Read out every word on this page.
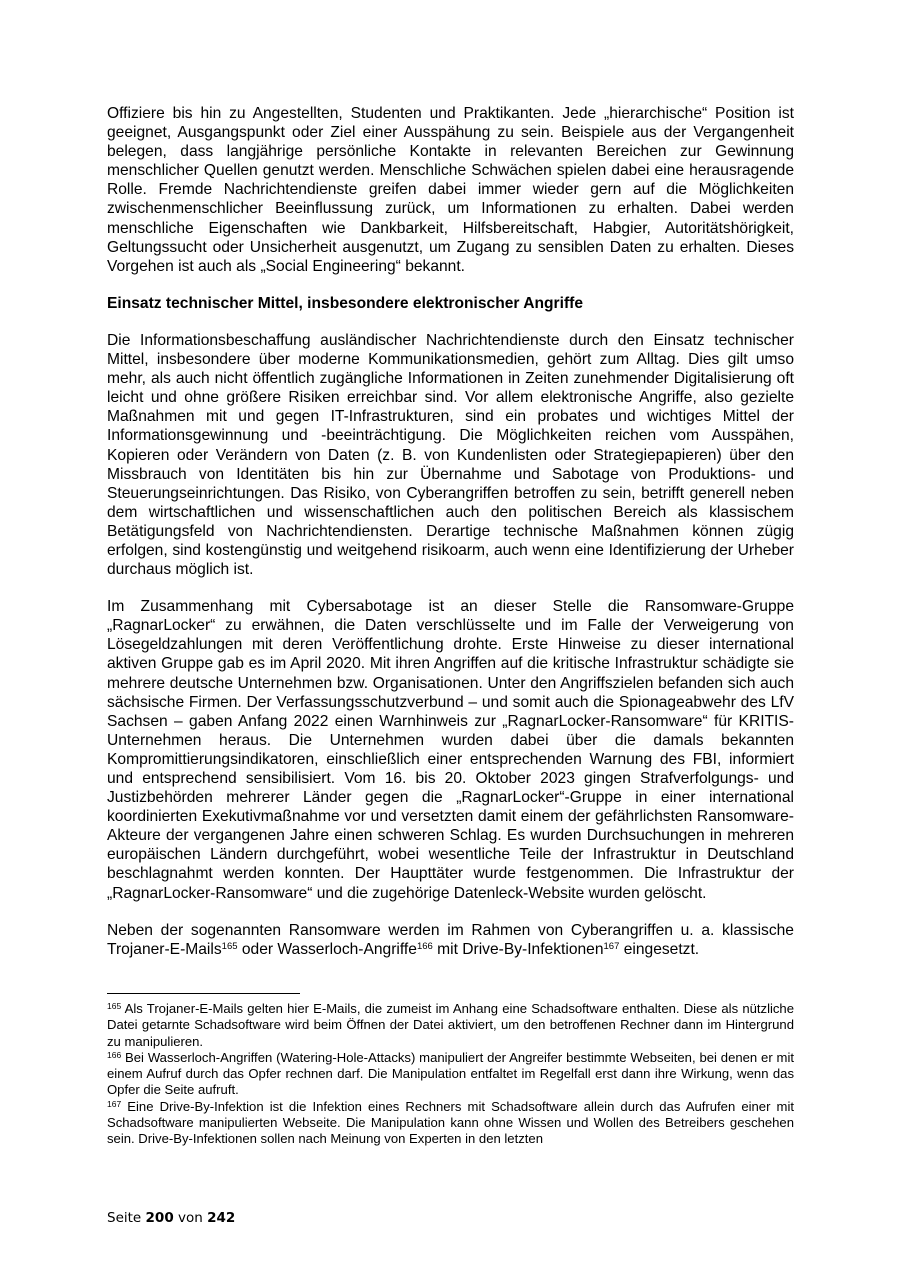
Offiziere bis hin zu Angestellten, Studenten und Praktikanten. Jede „hierarchische“ Position ist geeignet, Ausgangspunkt oder Ziel einer Ausspähung zu sein. Beispiele aus der Vergangenheit belegen, dass langjährige persönliche Kontakte in relevanten Bereichen zur Gewinnung menschlicher Quellen genutzt werden. Menschliche Schwächen spielen dabei eine herausragende Rolle. Fremde Nachrichtendienste greifen dabei immer wieder gern auf die Möglichkeiten zwischenmenschlicher Beeinflussung zurück, um Informationen zu erhalten. Dabei werden menschliche Eigenschaften wie Dankbarkeit, Hilfsbereitschaft, Habgier, Autoritätshörigkeit, Geltungssucht oder Unsicherheit ausgenutzt, um Zugang zu sensiblen Daten zu erhalten. Dieses Vorgehen ist auch als „Social Engineering“ bekannt.

Einsatz technischer Mittel, insbesondere elektronischer Angriffe

Die Informationsbeschaffung ausländischer Nachrichtendienste durch den Einsatz technischer Mittel, insbesondere über moderne Kommunikationsmedien, gehört zum Alltag. Dies gilt umso mehr, als auch nicht öffentlich zugängliche Informationen in Zeiten zunehmender Digitalisierung oft leicht und ohne größere Risiken erreichbar sind. Vor allem elektronische Angriffe, also gezielte Maßnahmen mit und gegen IT-Infrastrukturen, sind ein probates und wichtiges Mittel der Informationsgewinnung und -beeinträchtigung. Die Möglichkeiten reichen vom Ausspähen, Kopieren oder Verändern von Daten (z. B. von Kundenlisten oder Strategiepapieren) über den Missbrauch von Identitäten bis hin zur Übernahme und Sabotage von Produktions- und Steuerungseinrichtungen. Das Risiko, von Cyberangriffen betroffen zu sein, betrifft generell neben dem wirtschaftlichen und wissenschaftlichen auch den politischen Bereich als klassischem Betätigungsfeld von Nachrichtendiensten. Derartige technische Maßnahmen können zügig erfolgen, sind kostengünstig und weitgehend risikoarm, auch wenn eine Identifizierung der Urheber durchaus möglich ist.

Im Zusammenhang mit Cybersabotage ist an dieser Stelle die Ransomware-Gruppe „RagnarLocker“ zu erwähnen, die Daten verschlüsselte und im Falle der Verweigerung von Lösegeldzahlungen mit deren Veröffentlichung drohte. Erste Hinweise zu dieser international aktiven Gruppe gab es im April 2020. Mit ihren Angriffen auf die kritische Infrastruktur schädigte sie mehrere deutsche Unternehmen bzw. Organisationen. Unter den Angriffszielen befanden sich auch sächsische Firmen. Der Verfassungsschutzverbund – und somit auch die Spionageabwehr des LfV Sachsen – gaben Anfang 2022 einen Warnhinweis zur „RagnarLocker-Ransomware“ für KRITIS-Unternehmen heraus. Die Unternehmen wurden dabei über die damals bekannten Kompromittierungsindikatoren, einschließlich einer entsprechenden Warnung des FBI, informiert und entsprechend sensibilisiert. Vom 16. bis 20. Oktober 2023 gingen Strafverfolgungs- und Justizbehörden mehrerer Länder gegen die „RagnarLocker“-Gruppe in einer international koordinierten Exekutivmaßnahme vor und versetzten damit einem der gefährlichsten Ransomware-Akteure der vergangenen Jahre einen schweren Schlag. Es wurden Durchsuchungen in mehreren europäischen Ländern durchgeführt, wobei wesentliche Teile der Infrastruktur in Deutschland beschlagnahmt werden konnten. Der Haupttäter wurde festgenommen. Die Infrastruktur der „RagnarLocker-Ransomware“ und die zugehörige Datenleck-Website wurden gelöscht.

Neben der sogenannten Ransomware werden im Rahmen von Cyberangriffen u. a. klassische Trojaner-E-Mails$^{165}$ oder Wasserloch-Angriffe$^{166}$ mit Drive-By-Infektionen$^{167}$ eingesetzt.

$^{165}$ Als Trojaner-E-Mails gelten hier E-Mails, die zumeist im Anhang eine Schadsoftware enthalten. Diese als nützliche Datei getarnte Schadsoftware wird beim Öffnen der Datei aktiviert, um den betroffenen Rechner dann im Hintergrund zu manipulieren.

$^{166}$ Bei Wasserloch-Angriffen (Watering-Hole-Attacks) manipuliert der Angreifer bestimmte Webseiten, bei denen er mit einem Aufruf durch das Opfer rechnen darf. Die Manipulation entfaltet im Regelfall erst dann ihre Wirkung, wenn das Opfer die Seite aufruft.

$^{167}$ Eine Drive-By-Infektion ist die Infektion eines Rechners mit Schadsoftware allein durch das Aufrufen einer mit Schadsoftware manipulierten Webseite. Die Manipulation kann ohne Wissen und Wollen des Betreibers geschehen sein. Drive-By-Infektionen sollen nach Meinung von Experten in den letzten

Seite 200 von 242
